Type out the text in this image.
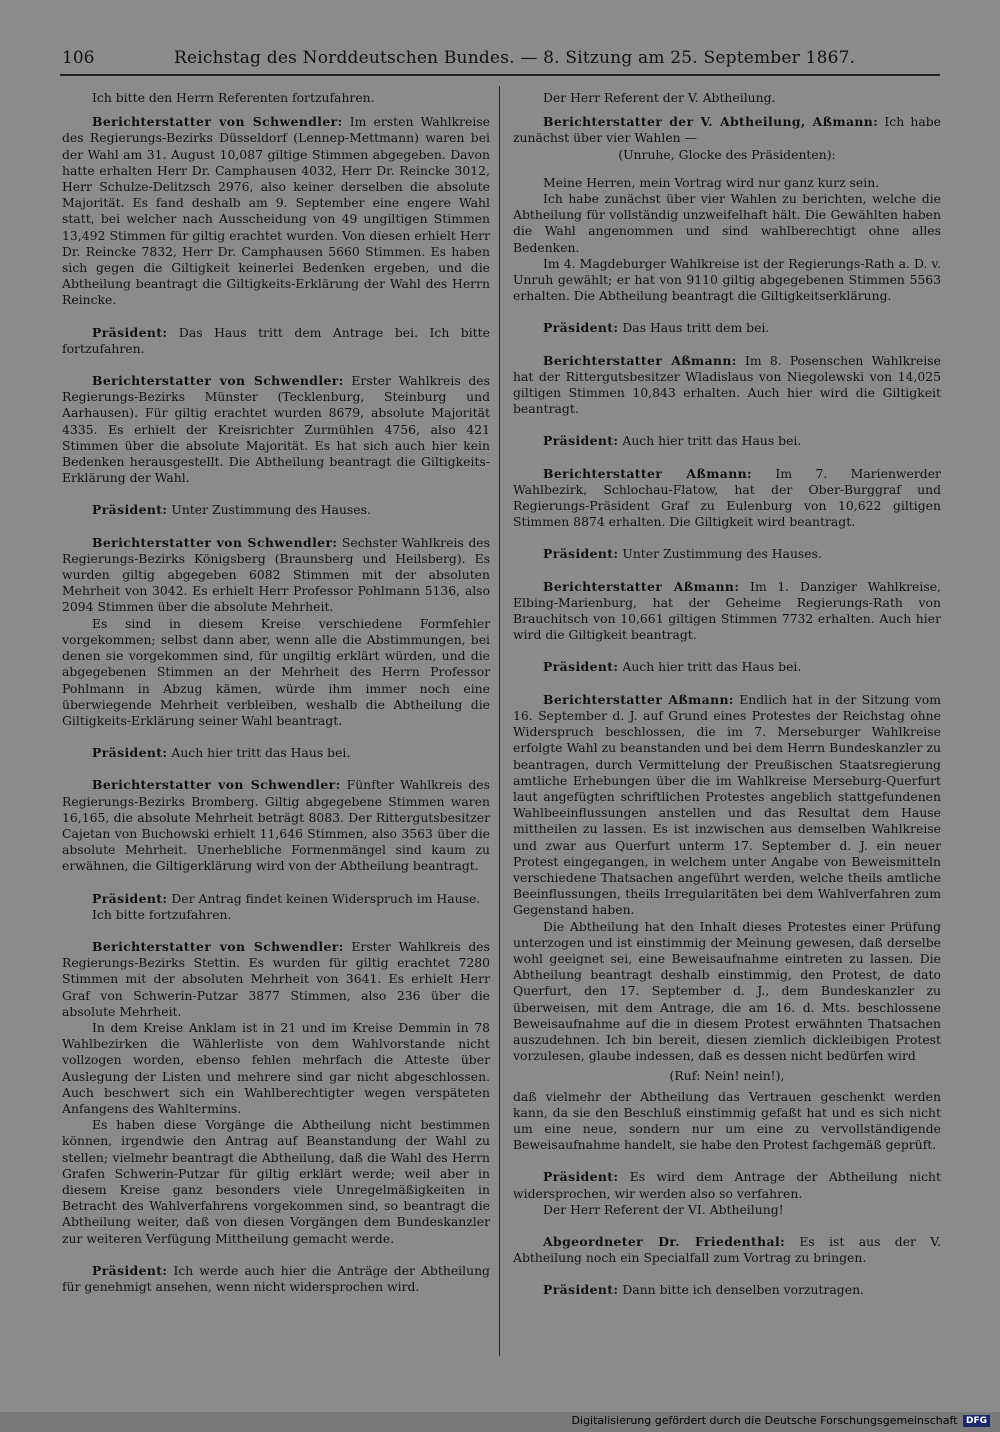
106	Reichstag des Norddeutschen Bundes. — 8. Sitzung am 25. September 1867.

Ich bitte den Herrn Referenten fortzufahren.

Berichterstatter von Schwendler: Im ersten Wahlkreise des Regierungs-Bezirks Düsseldorf (Lennep-Mettmann) waren bei der Wahl am 31. August 10,087 giltige Stimmen abgegeben. Davon hatte erhalten Herr Dr. Camphausen 4032, Herr Dr. Reincke 3012, Herr Schulze-Delitzsch 2976, also keiner derselben die absolute Majorität. Es fand deshalb am 9. September eine engere Wahl statt, bei welcher nach Ausscheidung von 49 ungiltigen Stimmen 13,492 Stimmen für giltig erachtet wurden. Von diesen erhielt Herr Dr. Reincke 7832, Herr Dr. Camphausen 5660 Stimmen. Es haben sich gegen die Giltigkeit keinerlei Bedenken ergeben, und die Abtheilung beantragt die Giltigkeits-Erklärung der Wahl des Herrn Reincke.

Präsident: Das Haus tritt dem Antrage bei. Ich bitte fortzufahren.

Berichterstatter von Schwendler: Erster Wahlkreis des Regierungs-Bezirks Münster (Tecklenburg, Steinburg und Aarhausen). Für giltig erachtet wurden 8679, absolute Majorität 4335. Es erhielt der Kreisrichter Zurmühlen 4756, also 421 Stimmen über die absolute Majorität. Es hat sich auch hier kein Bedenken herausgestellt. Die Abtheilung beantragt die Giltigkeits-Erklärung der Wahl.

Präsident: Unter Zustimmung des Hauses.

Berichterstatter von Schwendler: Sechster Wahlkreis des Regierungs-Bezirks Königsberg (Braunsberg und Heilsberg). Es wurden giltig abgegeben 6082 Stimmen mit der absoluten Mehrheit von 3042. Es erhielt Herr Professor Pohlmann 5136, also 2094 Stimmen über die absolute Mehrheit.

Es sind in diesem Kreise verschiedene Formfehler vorgekommen; selbst dann aber, wenn alle die Abstimmungen, bei denen sie vorgekommen sind, für ungiltig erklärt würden, und die abgegebenen Stimmen an der Mehrheit des Herrn Professor Pohlmann in Abzug kämen, würde ihm immer noch eine überwiegende Mehrheit verbleiben, weshalb die Abtheilung die Giltigkeits-Erklärung seiner Wahl beantragt.

Präsident: Auch hier tritt das Haus bei.

Berichterstatter von Schwendler: Fünfter Wahlkreis des Regierungs-Bezirks Bromberg. Giltig abgegebene Stimmen waren 16,165, die absolute Mehrheit beträgt 8083. Der Rittergutsbesitzer Cajetan von Buchowski erhielt 11,646 Stimmen, also 3563 über die absolute Mehrheit. Unerhebliche Formenmängel sind kaum zu erwähnen, die Giltigerklärung wird von der Abtheilung beantragt.

Präsident: Der Antrag findet keinen Widerspruch im Hause.

Ich bitte fortzufahren.

Berichterstatter von Schwendler: Erster Wahlkreis des Regierungs-Bezirks Stettin. Es wurden für giltig erachtet 7280 Stimmen mit der absoluten Mehrheit von 3641. Es erhielt Herr Graf von Schwerin-Putzar 3877 Stimmen, also 236 über die absolute Mehrheit.

In dem Kreise Anklam ist in 21 und im Kreise Demmin in 78 Wahlbezirken die Wählerliste von dem Wahlvorstande nicht vollzogen worden, ebenso fehlen mehrfach die Atteste über Auslegung der Listen und mehrere sind gar nicht abgeschlossen. Auch beschwert sich ein Wahlberechtigter wegen verspäteten Anfangens des Wahltermins.

Es haben diese Vorgänge die Abtheilung nicht bestimmen können, irgendwie den Antrag auf Beanstandung der Wahl zu stellen; vielmehr beantragt die Abtheilung, daß die Wahl des Herrn Grafen Schwerin-Putzar für giltig erklärt werde; weil aber in diesem Kreise ganz besonders viele Unregelmäßigkeiten in Betracht des Wahlverfahrens vorgekommen sind, so beantragt die Abtheilung weiter, daß von diesen Vorgängen dem Bundeskanzler zur weiteren Verfügung Mittheilung gemacht werde.

Präsident: Ich werde auch hier die Anträge der Abtheilung für genehmigt ansehen, wenn nicht widersprochen wird.

Der Herr Referent der V. Abtheilung.

Berichterstatter der V. Abtheilung, Aßmann: Ich habe zunächst über vier Wahlen —

(Unruhe, Glocke des Präsidenten):

Meine Herren, mein Vortrag wird nur ganz kurz sein.

Ich habe zunächst über vier Wahlen zu berichten, welche die Abtheilung für vollständig unzweifelhaft hält. Die Gewählten haben die Wahl angenommen und sind wahlberechtigt ohne alles Bedenken.

Im 4. Magdeburger Wahlkreise ist der Regierungs-Rath a. D. v. Unruh gewählt; er hat von 9110 giltig abgegebenen Stimmen 5563 erhalten. Die Abtheilung beantragt die Giltigkeitserklärung.

Präsident: Das Haus tritt dem bei.

Berichterstatter Aßmann: Im 8. Posenschen Wahlkreise hat der Rittergutsbesitzer Wladislaus von Niegolewski von 14,025 giltigen Stimmen 10,843 erhalten. Auch hier wird die Giltigkeit beantragt.

Präsident: Auch hier tritt das Haus bei.

Berichterstatter Aßmann: Im 7. Marienwerder Wahlbezirk, Schlochau-Flatow, hat der Ober-Burggraf und Regierungs-Präsident Graf zu Eulenburg von 10,622 giltigen Stimmen 8874 erhalten. Die Giltigkeit wird beantragt.

Präsident: Unter Zustimmung des Hauses.

Berichterstatter Aßmann: Im 1. Danziger Wahlkreise, Elbing-Marienburg, hat der Geheime Regierungs-Rath von Brauchitsch von 10,661 giltigen Stimmen 7732 erhalten. Auch hier wird die Giltigkeit beantragt.

Präsident: Auch hier tritt das Haus bei.

Berichterstatter Aßmann: Endlich hat in der Sitzung vom 16. September d. J. auf Grund eines Protestes der Reichstag ohne Widerspruch beschlossen, die im 7. Merseburger Wahlkreise erfolgte Wahl zu beanstanden und bei dem Herrn Bundeskanzler zu beantragen, durch Vermittelung der Preußischen Staatsregierung amtliche Erhebungen über die im Wahlkreise Merseburg-Querfurt laut angefügten schriftlichen Protestes angeblich stattgefundenen Wahlbeeinflussungen anstellen und das Resultat dem Hause mittheilen zu lassen. Es ist inzwischen aus demselben Wahlkreise und zwar aus Querfurt unterm 17. September d. J. ein neuer Protest eingegangen, in welchem unter Angabe von Beweismitteln verschiedene Thatsachen angeführt werden, welche theils amtliche Beeinflussungen, theils Irregularitäten bei dem Wahlverfahren zum Gegenstand haben.

Die Abtheilung hat den Inhalt dieses Protestes einer Prüfung unterzogen und ist einstimmig der Meinung gewesen, daß derselbe wohl geeignet sei, eine Beweisaufnahme eintreten zu lassen. Die Abtheilung beantragt deshalb einstimmig, den Protest, de dato Querfurt, den 17. September d. J., dem Bundeskanzler zu überweisen, mit dem Antrage, die am 16. d. Mts. beschlossene Beweisaufnahme auf die in diesem Protest erwähnten Thatsachen auszudehnen. Ich bin bereit, diesen ziemlich dickleibigen Protest vorzulesen, glaube indessen, daß es dessen nicht bedürfen wird

(Ruf: Nein! nein!),

daß vielmehr der Abtheilung das Vertrauen geschenkt werden kann, da sie den Beschluß einstimmig gefaßt hat und es sich nicht um eine neue, sondern nur um eine zu vervollständigende Beweisaufnahme handelt, sie habe den Protest fachgemäß geprüft.

Präsident: Es wird dem Antrage der Abtheilung nicht widersprochen, wir werden also so verfahren.

Der Herr Referent der VI. Abtheilung!

Abgeordneter Dr. Friedenthal: Es ist aus der V. Abtheilung noch ein Specialfall zum Vortrag zu bringen.

Präsident: Dann bitte ich denselben vorzutragen.

Digitalisierung gefördert durch die Deutsche Forschungsgemeinschaft DFG
